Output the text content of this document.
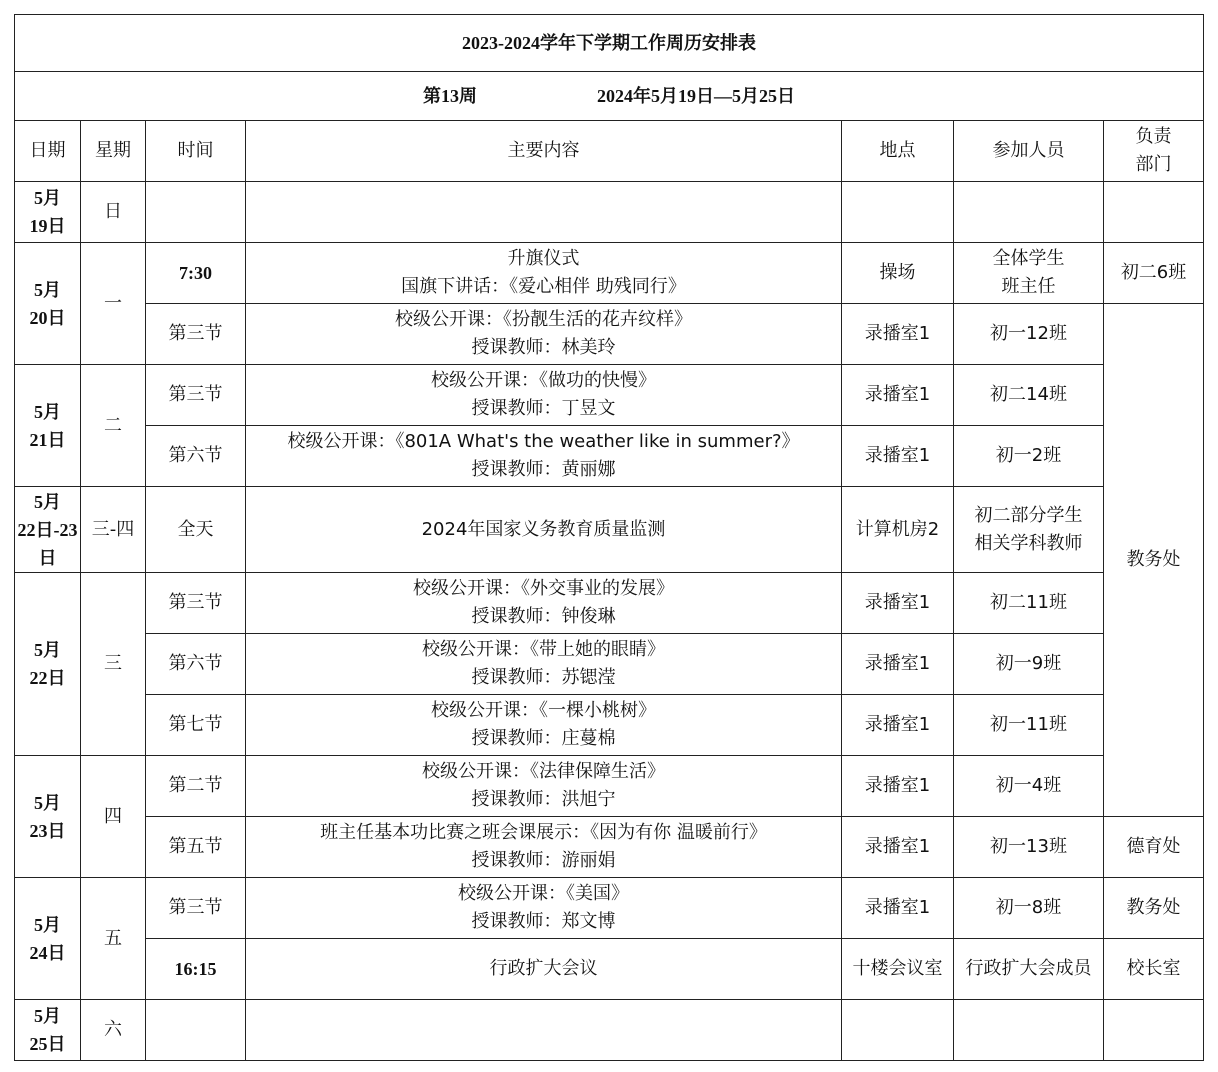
2023-2024学年下学期工作周历安排表						
第13周 2024年5月19日—5月25日						
日期	星期	时间	主要内容	地点	参加人员	负责
部门

5月
19日	日					

5月
20日	一	7:30	升旗仪式
国旗下讲话：《爱心相伴 助残同行》	操场	全体学生
班主任	初二6班
		第三节	校级公开课：《扮靓生活的花卉纹样》
授课教师：林美玲	录播室1	初一12班	教务处

5月
21日	二	第三节	校级公开课：《做功的快慢》
授课教师：丁昱文	录播室1	初二14班	
		第六节	校级公开课：《801A What's the weather like in summer?》
授课教师：黄丽娜	录播室1	初一2班	

5月
22日-23
日	三-四	全天	2024年国家义务教育质量监测	计算机房2	初二部分学生
相关学科教师	

5月
22日	三	第三节	校级公开课：《外交事业的发展》
授课教师：钟俊琳	录播室1	初二11班	
		第六节	校级公开课：《带上她的眼睛》
授课教师：苏锶滢	录播室1	初一9班	
		第七节	校级公开课：《一棵小桃树》
授课教师：庄蔓棉	录播室1	初一11班	

5月
23日	四	第二节	校级公开课：《法律保障生活》
授课教师：洪旭宁	录播室1	初一4班	
		第五节	班主任基本功比赛之班会课展示：《因为有你 温暖前行》
授课教师：游丽娟	录播室1	初一13班	德育处

5月
24日	五	第三节	校级公开课：《美国》
授课教师：郑文博	录播室1	初一8班	教务处
		16:15	行政扩大会议	十楼会议室	行政扩大会成员	校长室

5月
25日	六					
